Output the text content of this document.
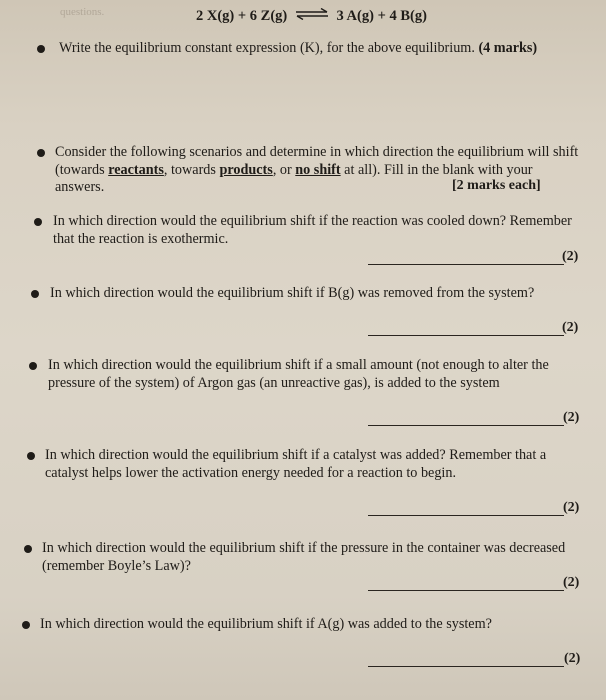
questions.	2 X(g) + 6 Z(g) ⇌ 3 A(g) + 4 B(g)
Write the equilibrium constant expression (K), for the above equilibrium. (4 marks)
Consider the following scenarios and determine in which direction the equilibrium will shift (towards reactants, towards products, or no shift at all). Fill in the blank with your answers.	[2 marks each]
In which direction would the equilibrium shift if the reaction was cooled down? Remember that the reaction is exothermic.
(2)
In which direction would the equilibrium shift if B(g) was removed from the system?
(2)
In which direction would the equilibrium shift if a small amount (not enough to alter the pressure of the system) of Argon gas (an unreactive gas), is added to the system
(2)
In which direction would the equilibrium shift if a catalyst was added? Remember that a catalyst helps lower the activation energy needed for a reaction to begin.
(2)
In which direction would the equilibrium shift if the pressure in the container was decreased (remember Boyle’s Law)?
(2)
In which direction would the equilibrium shift if A(g) was added to the system?
(2)
